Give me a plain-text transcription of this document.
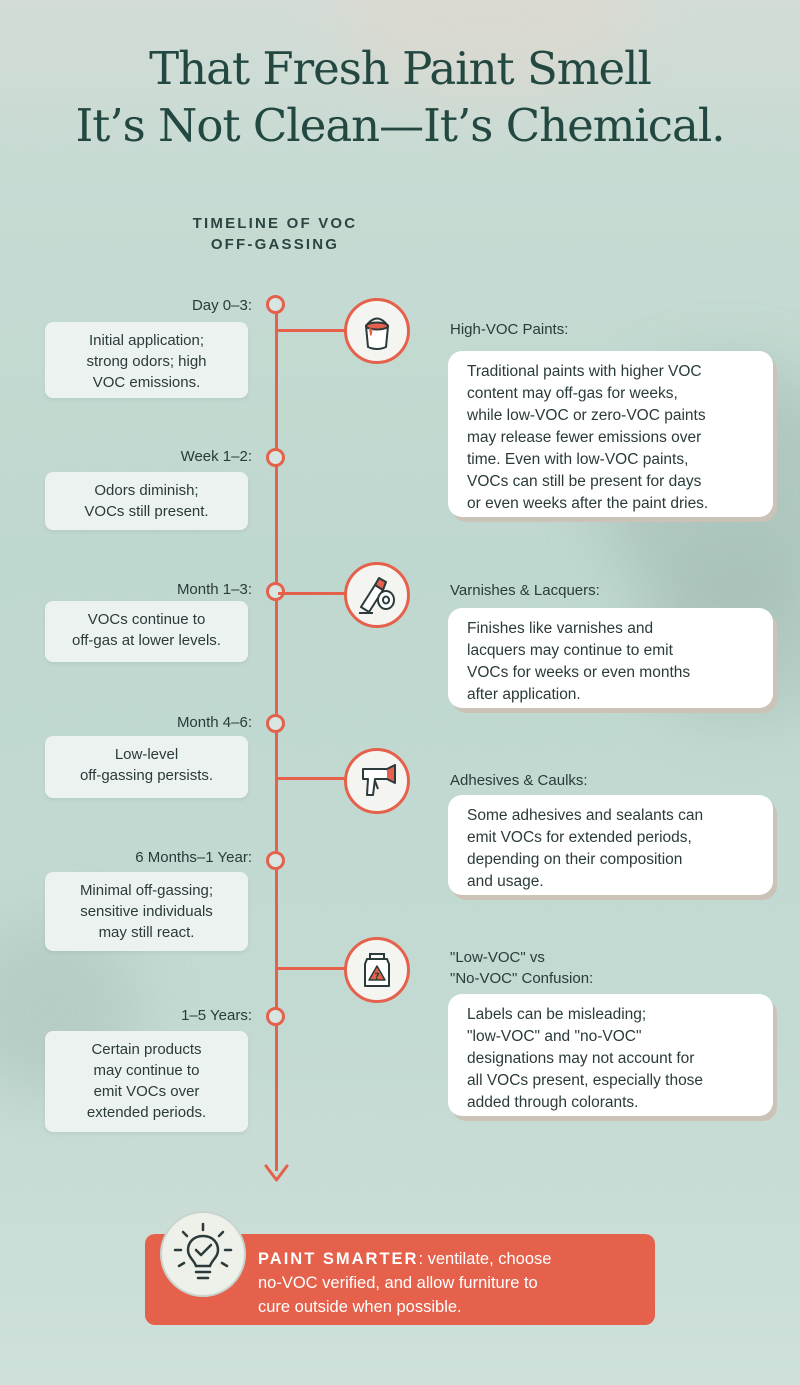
That Fresh Paint Smell
It’s Not Clean—It’s Chemical.
TIMELINE OF VOC
OFF-GASSING
Day 0–3:
Initial application;
strong odors; high
VOC emissions.
Week 1–2:
Odors diminish;
VOCs still present.
Month 1–3:
VOCs continue to
off-gas at lower levels.
Month 4–6:
Low-level
off-gassing persists.
6 Months–1 Year:
Minimal off-gassing;
sensitive individuals
may still react.
1–5 Years:
Certain products
may continue to
emit VOCs over
extended periods.
?
High-VOC Paints:
Traditional paints with higher VOC
content may off-gas for weeks,
while low-VOC or zero-VOC paints
may release fewer emissions over
time. Even with low-VOC paints,
VOCs can still be present for days
or even weeks after the paint dries.
Varnishes & Lacquers:
Finishes like varnishes and
lacquers may continue to emit
VOCs for weeks or even months
after application.
Adhesives & Caulks:
Some adhesives and sealants can
emit VOCs for extended periods,
depending on their composition
and usage.
"Low-VOC" vs
"No-VOC" Confusion:
Labels can be misleading;
"low-VOC" and "no-VOC"
designations may not account for
all VOCs present, especially those
added through colorants.
PAINT SMARTER: ventilate, choose
no-VOC verified, and allow furniture to
cure outside when possible.
